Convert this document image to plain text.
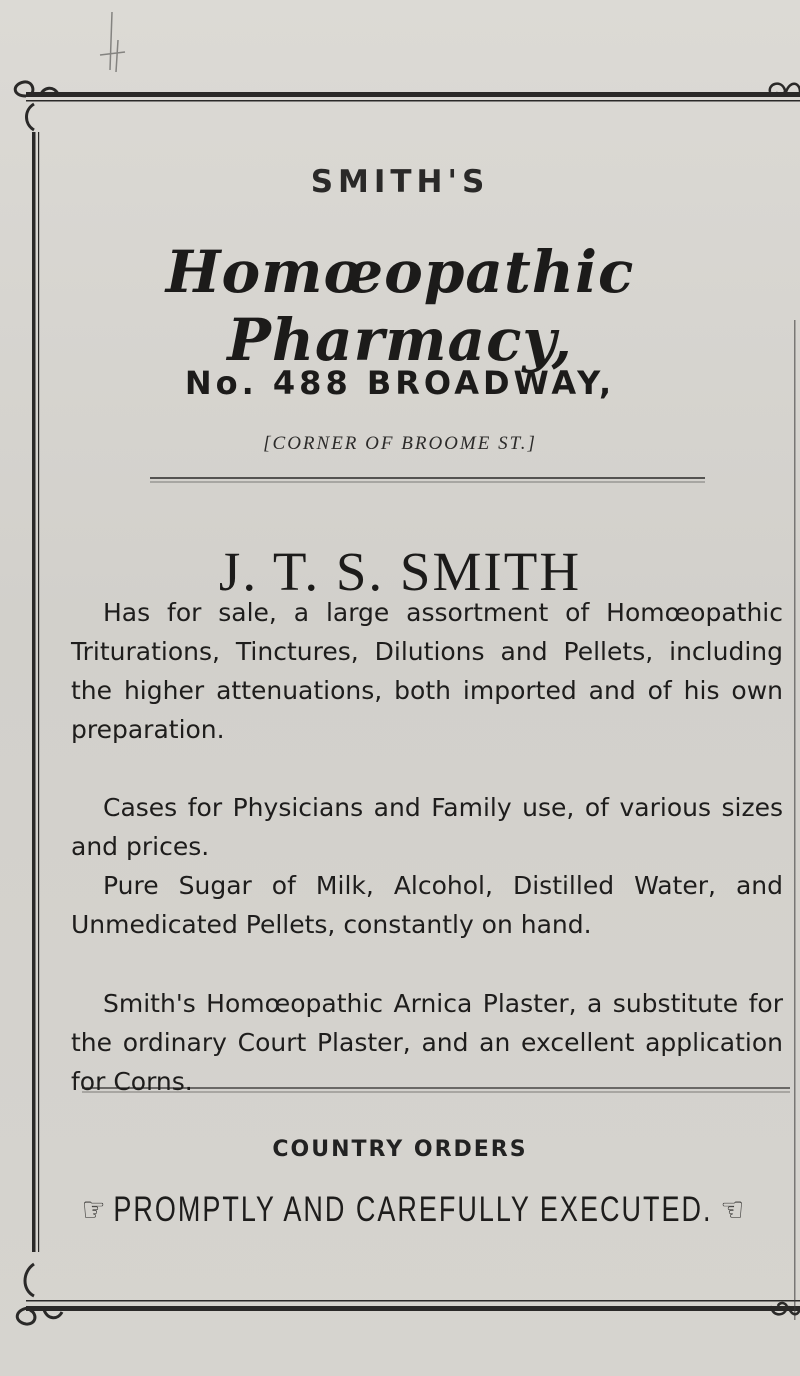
SMITH'S
Homœopathic Pharmacy,
No. 488 BROADWAY,
[CORNER OF BROOME ST.]
J. T. S. SMITH

Has for sale, a large assortment of Homœopathic Triturations, Tinctures, Dilutions and Pellets, including the higher attenuations, both imported and of his own preparation.

Cases for Physicians and Family use, of various sizes and prices.

Pure Sugar of Milk, Alcohol, Distilled Water, and Unmedicated Pellets, constantly on hand.

Smith's Homœopathic Arnica Plaster, a substitute for the ordinary Court Plaster, and an excellent application for Corns.

COUNTRY ORDERS
☞ PROMPTLY AND CAREFULLY EXECUTED. ☜
